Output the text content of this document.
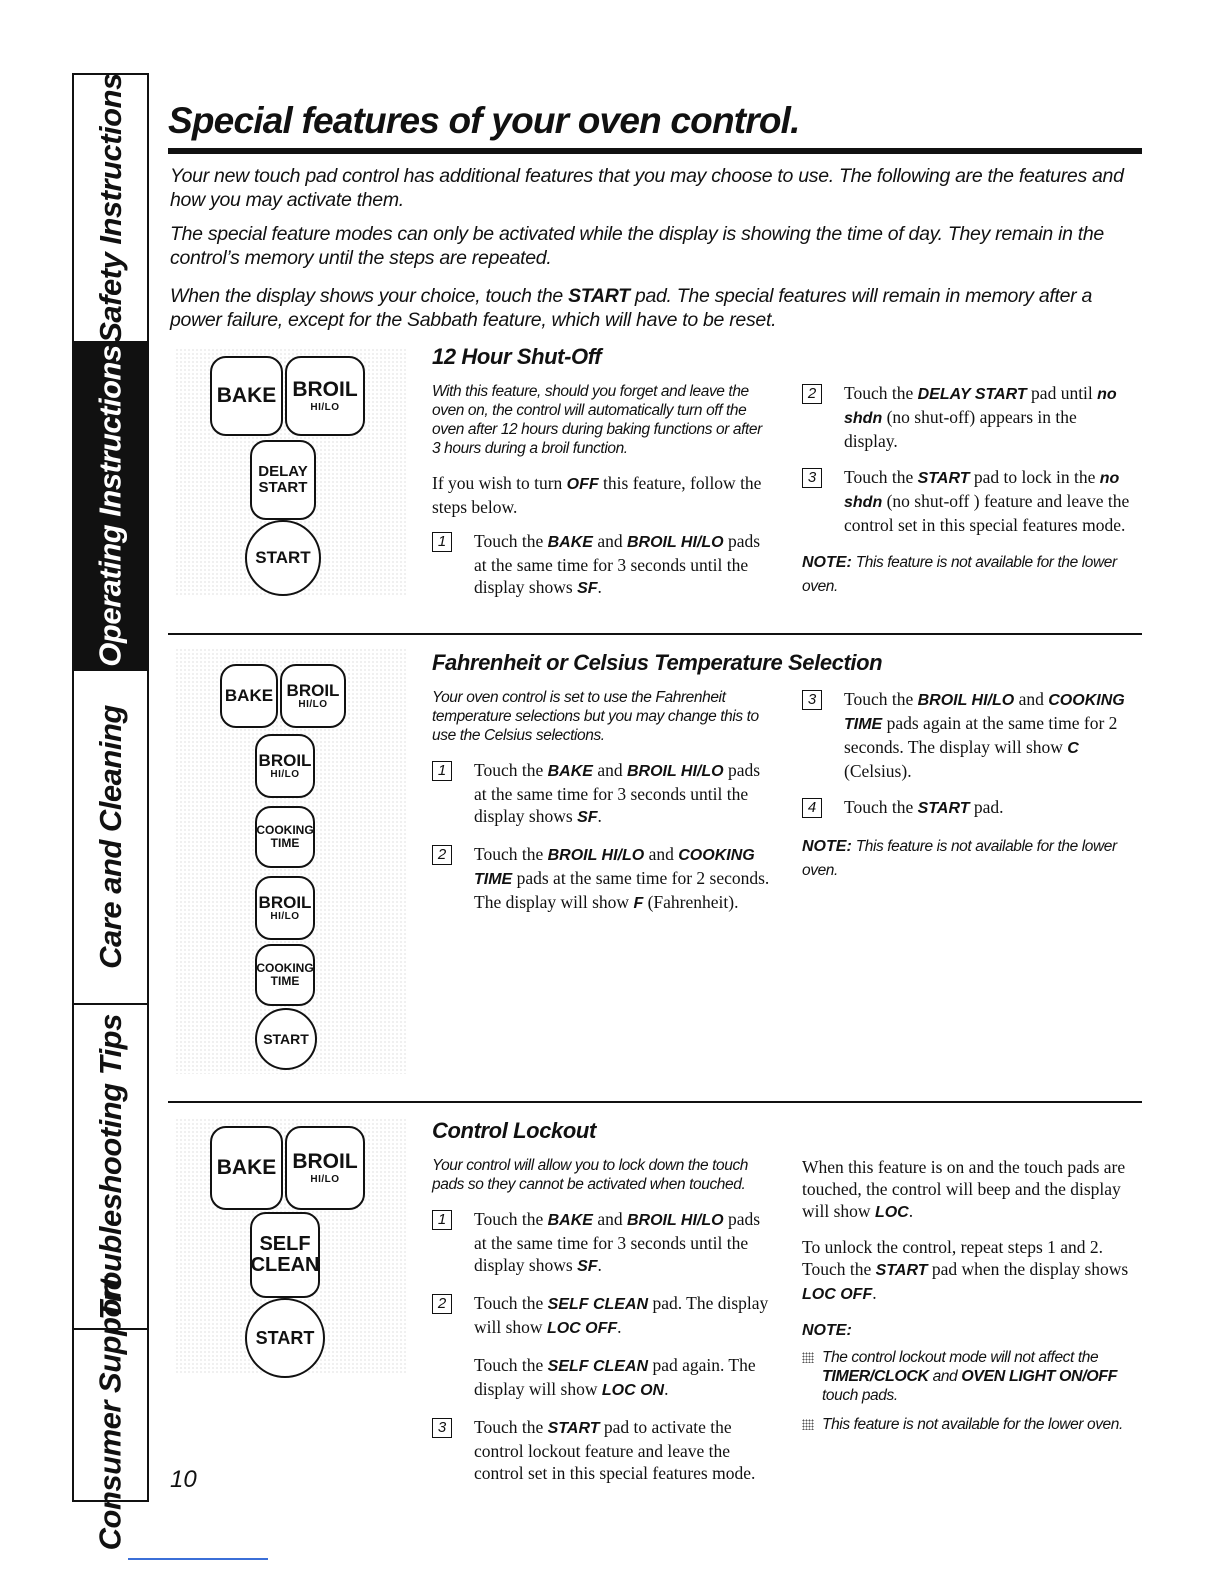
Safety Instructions
Operating Instructions
Care and Cleaning
Troubleshooting Tips
Consumer Support
Special features of your oven control.

Your new touch pad control has additional features that you may choose to use. The following are the features and how you may activate them.

The special feature modes can only be activated while the display is showing the time of day. They remain in the control’s memory until the steps are repeated.

When the display shows your choice, touch the START pad. The special features will remain in memory after a power failure, except for the Sabbath feature, which will have to be reset.

BAKE BROIL
HI/LO
DELAY
START
START
12 Hour Shut-Off

With this feature, should you forget and leave the oven on, the control will automatically turn off the oven after 12 hours during baking functions or after 3 hours during a broil function.

If you wish to turn OFF this feature, follow the steps below.

1	Touch the BAKE and BROIL HI/LO pads at the same time for 3 seconds until the display shows SF.
2	Touch the DELAY START pad until no shdn (no shut-off) appears in the display.
3	Touch the START pad to lock in the no shdn (no shut-off ) feature and leave the control set in this special features mode.

NOTE: This feature is not available for the lower oven.

BAKE BROIL
HI/LO
BROIL
HI/LO
COOKING
TIME
BROIL
HI/LO
COOKING
TIME
START
Fahrenheit or Celsius Temperature Selection

Your oven control is set to use the Fahrenheit temperature selections but you may change this to use the Celsius selections.

1	Touch the BAKE and BROIL HI/LO pads at the same time for 3 seconds until the display shows SF.
2	Touch the BROIL HI/LO and COOKING TIME pads at the same time for 2 seconds. The display will show F (Fahrenheit).
3	Touch the BROIL HI/LO and COOKING TIME pads again at the same time for 2 seconds. The display will show C (Celsius).
4	Touch the START pad.

NOTE: This feature is not available for the lower oven.

BAKE BROIL
HI/LO
SELF
CLEAN
START
Control Lockout

Your control will allow you to lock down the touch pads so they cannot be activated when touched.

1	Touch the BAKE and BROIL HI/LO pads at the same time for 3 seconds until the display shows SF.
2	Touch the SELF CLEAN pad. The display will show LOC OFF.
Touch the SELF CLEAN pad again. The display will show LOC ON.
3	Touch the START pad to activate the control lockout feature and leave the control set in this special features mode.

When this feature is on and the touch pads are touched, the control will beep and the display will show LOC.

To unlock the control, repeat steps 1 and 2. Touch the START pad when the display shows LOC OFF.

NOTE:

The control lockout mode will not affect the TIMER/CLOCK and OVEN LIGHT ON/OFF touch pads.
This feature is not available for the lower oven.

10
